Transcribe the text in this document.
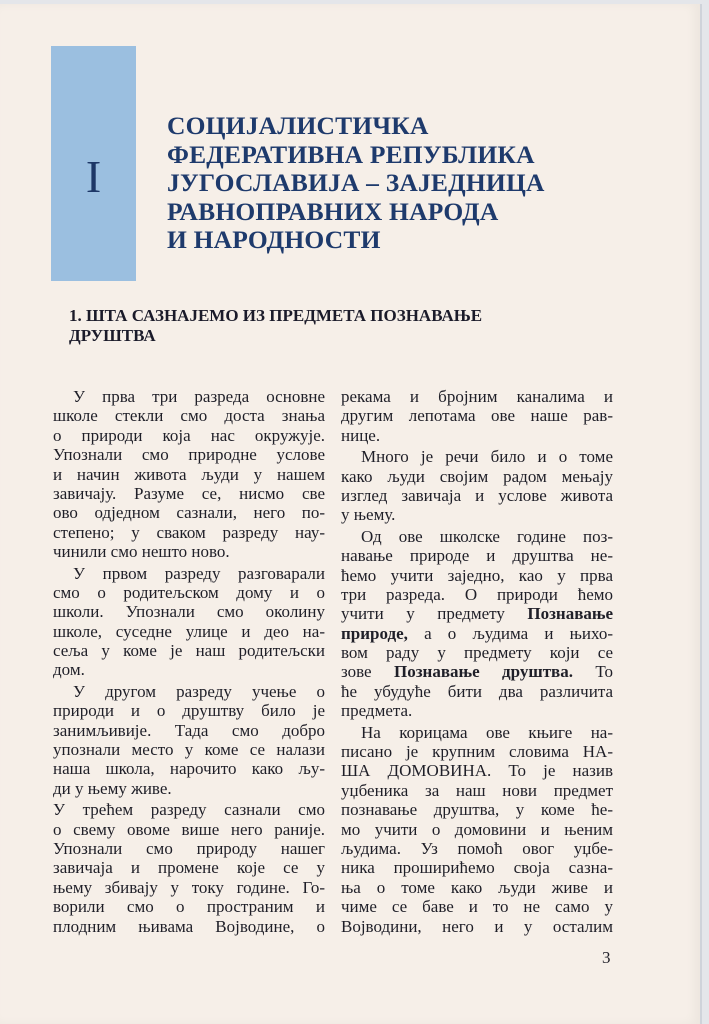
I
СОЦИЈАЛИСТИЧКА
ФЕДЕРАТИВНА РЕПУБЛИКА
ЈУГОСЛАВИЈА – ЗАЈЕДНИЦА
РАВНОПРАВНИХ НАРОДА
И НАРОДНОСТИ
1. ШТА САЗНАЈЕМО ИЗ ПРЕДМЕТА ПОЗНАВАЊЕ
ДРУШТВА
У прва три разреда основне
школе стекли смо доста знања
о природи која нас окружује.
Упознали смо природне услове
и начин живота људи у нашем
завичају. Разуме се, нисмо све
ово одједном сазнали, него по-
степено; у сваком разреду нау-
чинили смо нешто ново.
У првом разреду разговарали
смо о родитељском дому и о
школи. Упознали смо околину
школе, суседне улице и део на-
сеља у коме је наш родитељски
дом.
У другом разреду учење о
природи и о друштву било је
занимљивије. Тада смо добро
упознали место у коме се налази
наша школа, нарочито како љу-
ди у њему живе.
У трећем разреду сазнали смо
о свему овоме више него раније.
Упознали смо природу нашег
завичаја и промене које се у
њему збивају у току године. Го-
ворили смо о пространим и
плодним њивама Војводине, о
рекама и бројним каналима и
другим лепотама ове наше рав-
нице.
Много је речи било и о томе
како људи својим радом мењају
изглед завичаја и услове живота
у њему.
Од ове школске године поз-
навање природе и друштва не-
ћемо учити заједно, као у прва
три разреда. О природи ћемо
учити у предмету Познавање
природе, а о људима и њихо-
вом раду у предмету који се
зове Познавање друштва. То
ће убудуће бити два различита
предмета.
На корицама ове књиге на-
писано је крупним словима НА-
ША ДОМОВИНА. То је назив
уџбеника за наш нови предмет
познавање друштва, у коме ће-
мо учити о домовини и њеним
људима. Уз помоћ овог уџбе-
ника проширићемо своја сазна-
ња о томе како људи живе и
чиме се баве и то не само у
Војводини, него и у осталим
3
